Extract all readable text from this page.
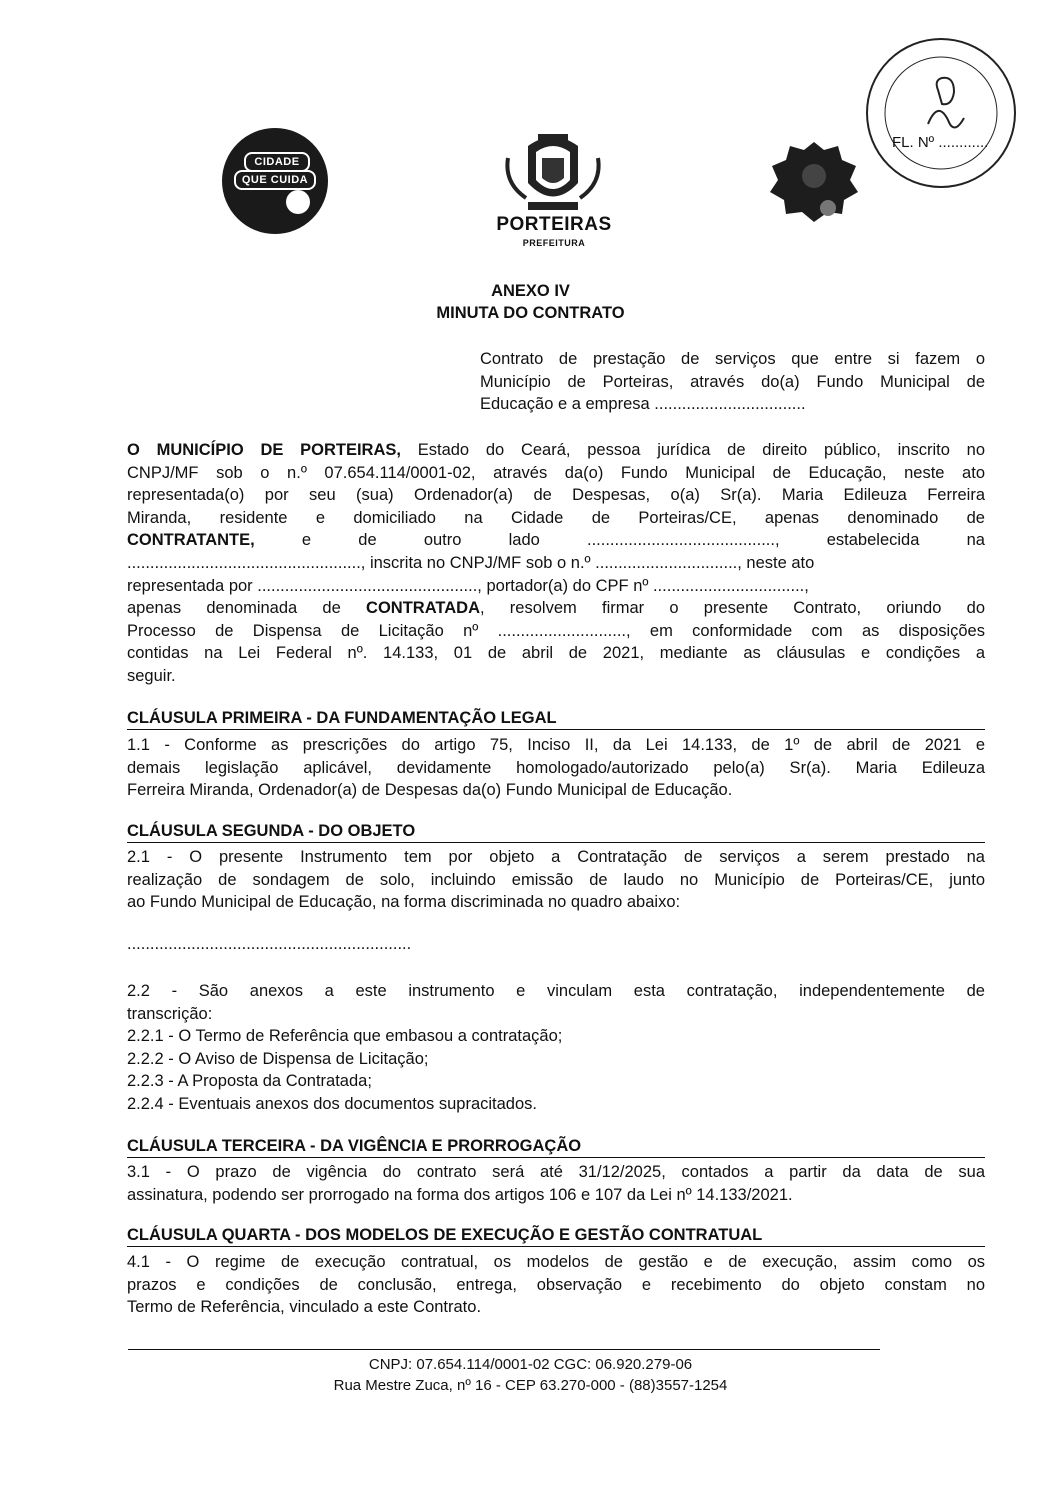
CIDADE
QUE CUIDA
PORTEIRAS
PREFEITURA
FL. Nº ............
ANEXO IV
MINUTA DO CONTRATO
Contrato de prestação de serviços que entre si fazem o
Município de Porteiras, através do(a) Fundo Municipal de
Educação e a empresa .................................
O MUNICÍPIO DE PORTEIRAS, Estado do Ceará, pessoa jurídica de direito público, inscrito no
CNPJ/MF sob o n.º 07.654.114/0001-02, através da(o) Fundo Municipal de Educação, neste ato
representada(o) por seu (sua) Ordenador(a) de Despesas, o(a) Sr(a). Maria Edileuza Ferreira
Miranda, residente e domiciliado na Cidade de Porteiras/CE, apenas denominado de
CONTRATANTE,	e	de	outro	lado	.........................................,	estabelecida	na
..................................................., inscrita no CNPJ/MF sob o n.º ..............................., neste ato
representada por ................................................, portador(a) do CPF nº .................................,
apenas denominada de CONTRATADA, resolvem firmar o presente Contrato, oriundo do
Processo de Dispensa de Licitação nº ............................, em conformidade com as disposições
contidas na Lei Federal nº. 14.133, 01 de abril de 2021, mediante as cláusulas e condições a
seguir.
CLÁUSULA PRIMEIRA - DA FUNDAMENTAÇÃO LEGAL
1.1 - Conforme as prescrições do artigo 75, Inciso II, da Lei 14.133, de 1º de abril de 2021 e
demais legislação aplicável, devidamente homologado/autorizado pelo(a) Sr(a). Maria Edileuza
Ferreira Miranda, Ordenador(a) de Despesas da(o) Fundo Municipal de Educação.
CLÁUSULA SEGUNDA - DO OBJETO
2.1 - O presente Instrumento tem por objeto a Contratação de serviços a serem prestado na
realização de sondagem de solo, incluindo emissão de laudo no Município de Porteiras/CE, junto
ao Fundo Municipal de Educação, na forma discriminada no quadro abaixo:
..............................................................
2.2 - São anexos a este instrumento e vinculam esta contratação, independentemente de
transcrição:
2.2.1 - O Termo de Referência que embasou a contratação;
2.2.2 - O Aviso de Dispensa de Licitação;
2.2.3 - A Proposta da Contratada;
2.2.4 - Eventuais anexos dos documentos supracitados.
CLÁUSULA TERCEIRA - DA VIGÊNCIA E PRORROGAÇÃO
3.1 - O prazo de vigência do contrato será até 31/12/2025, contados a partir da data de sua
assinatura, podendo ser prorrogado na forma dos artigos 106 e 107 da Lei nº 14.133/2021.
CLÁUSULA QUARTA - DOS MODELOS DE EXECUÇÃO E GESTÃO CONTRATUAL
4.1 - O regime de execução contratual, os modelos de gestão e de execução, assim como os
prazos e condições de conclusão, entrega, observação e recebimento do objeto constam no
Termo de Referência, vinculado a este Contrato.
CNPJ: 07.654.114/0001-02 CGC: 06.920.279-06
Rua Mestre Zuca, nº 16 - CEP 63.270-000 - (88)3557-1254
